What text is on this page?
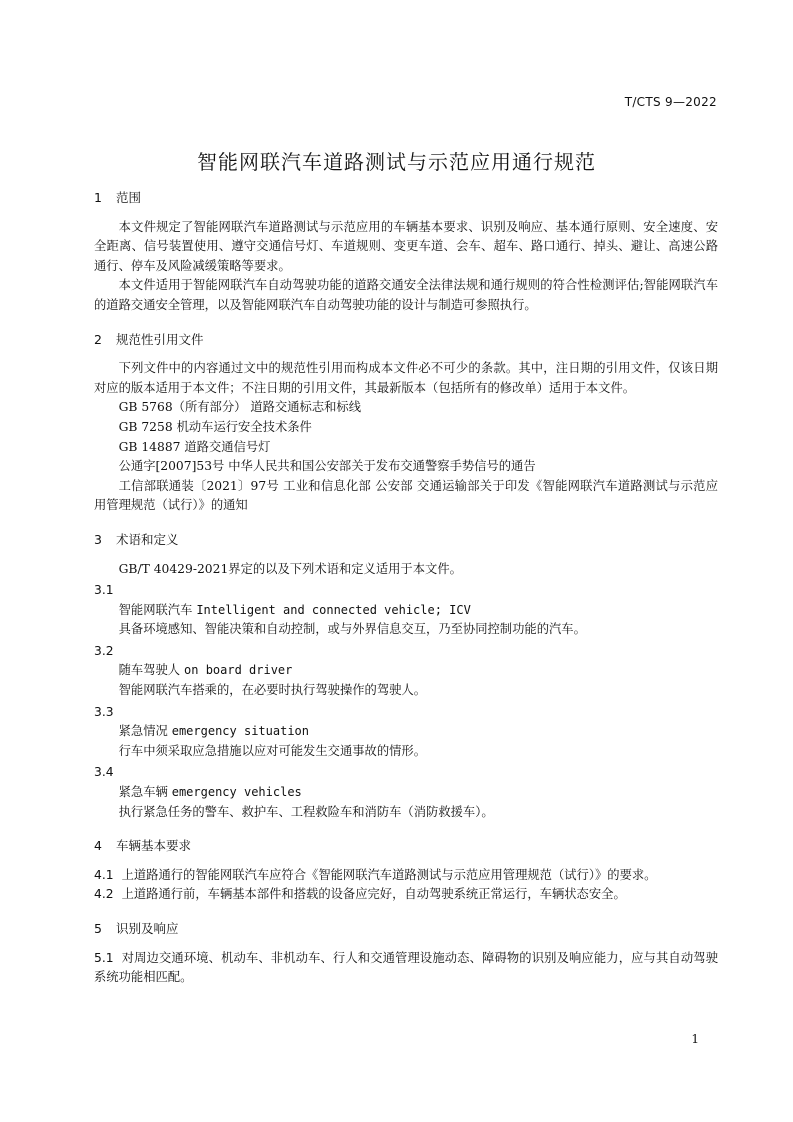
T/CTS 9—2022
智能网联汽车道路测试与示范应用通行规范
1 范围

本文件规定了智能网联汽车道路测试与示范应用的车辆基本要求、识别及响应、基本通行原则、安全速度、安全距离、信号装置使用、遵守交通信号灯、车道规则、变更车道、会车、超车、路口通行、掉头、避让、高速公路通行、停车及风险减缓策略等要求。

本文件适用于智能网联汽车自动驾驶功能的道路交通安全法律法规和通行规则的符合性检测评估;智能网联汽车的道路交通安全管理，以及智能网联汽车自动驾驶功能的设计与制造可参照执行。

2 规范性引用文件

下列文件中的内容通过文中的规范性引用而构成本文件必不可少的条款。其中，注日期的引用文件，仅该日期对应的版本适用于本文件；不注日期的引用文件，其最新版本（包括所有的修改单）适用于本文件。

GB 5768（所有部分） 道路交通标志和标线

GB 7258 机动车运行安全技术条件

GB 14887 道路交通信号灯

公通字[2007]53号 中华人民共和国公安部关于发布交通警察手势信号的通告

工信部联通装〔2021〕97号 工业和信息化部 公安部 交通运输部关于印发《智能网联汽车道路测试与示范应用管理规范（试行）》的通知

3 术语和定义

GB/T 40429-2021界定的以及下列术语和定义适用于本文件。

3.1
智能网联汽车 Intelligent and connected vehicle; ICV
具备环境感知、智能决策和自动控制，或与外界信息交互，乃至协同控制功能的汽车。
3.2
随车驾驶人 on board driver
智能网联汽车搭乘的，在必要时执行驾驶操作的驾驶人。
3.3
紧急情况 emergency situation
行车中须采取应急措施以应对可能发生交通事故的情形。
3.4
紧急车辆 emergency vehicles
执行紧急任务的警车、救护车、工程救险车和消防车（消防救援车）。
4 车辆基本要求

4.1 上道路通行的智能网联汽车应符合《智能网联汽车道路测试与示范应用管理规范（试行）》的要求。

4.2 上道路通行前，车辆基本部件和搭载的设备应完好，自动驾驶系统正常运行，车辆状态安全。

5 识别及响应

5.1 对周边交通环境、机动车、非机动车、行人和交通管理设施动态、障碍物的识别及响应能力，应与其自动驾驶系统功能相匹配。

1
